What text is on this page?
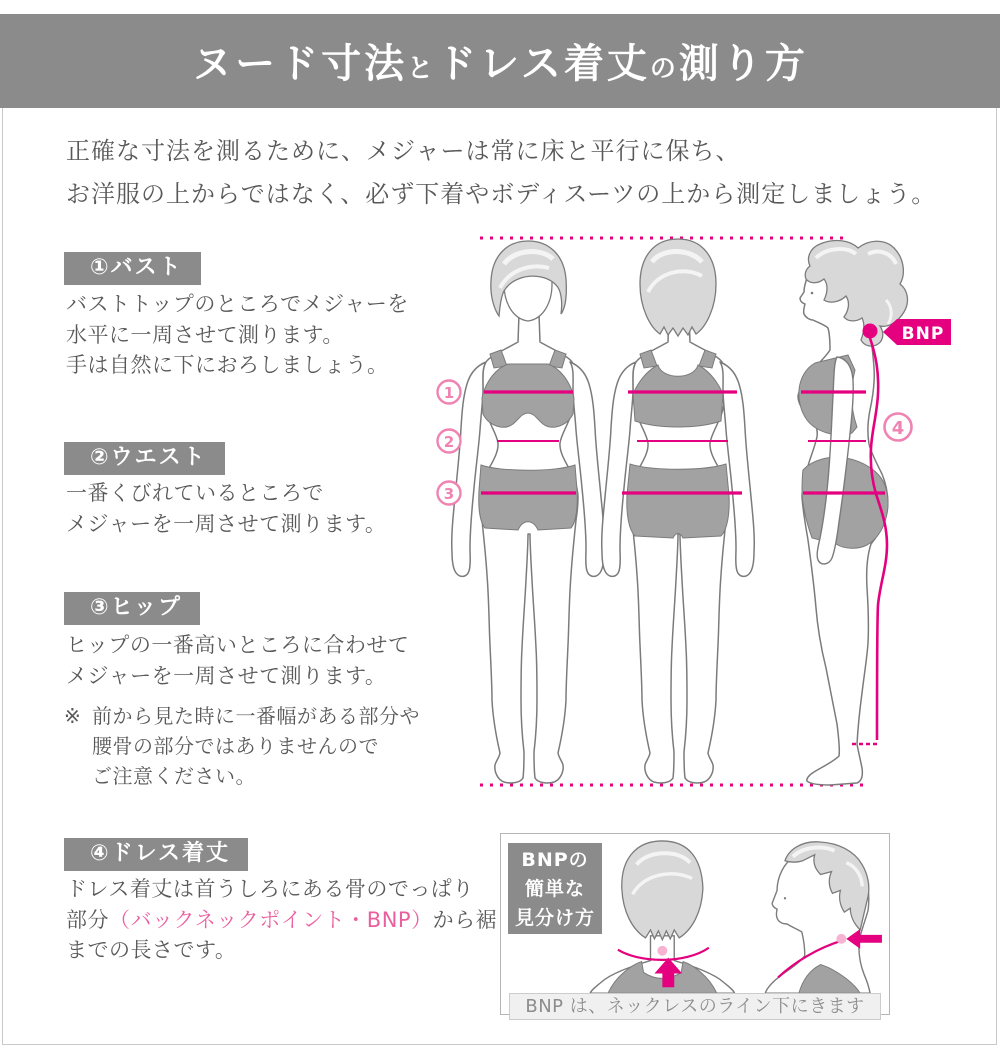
ヌード寸法 と ドレス着丈 の 測り方
正確な寸法を測るために、メジャーは常に床と平行に保ち、
お洋服の上からではなく、必ず下着やボディスーツの上から測定しましょう。
①バスト
バストトップのところでメジャーを
水平に一周させて測ります。
手は自然に下におろしましょう。
②ウエスト
一番くびれているところで
メジャーを一周させて測ります。
③ヒップ
ヒップの一番高いところに合わせて
メジャーを一周させて測ります。
※ 前から見た時に一番幅がある部分や
腰骨の部分ではありませんので
ご注意ください。
④ドレス着丈
ドレス着丈は首うしろにある骨のでっぱり
部分（バックネックポイント・BNP）から裾
までの長さです。
1
2
3
BNP
4
BNPの
簡単な
見分け方
BNP は、ネックレスのライン下にきます
